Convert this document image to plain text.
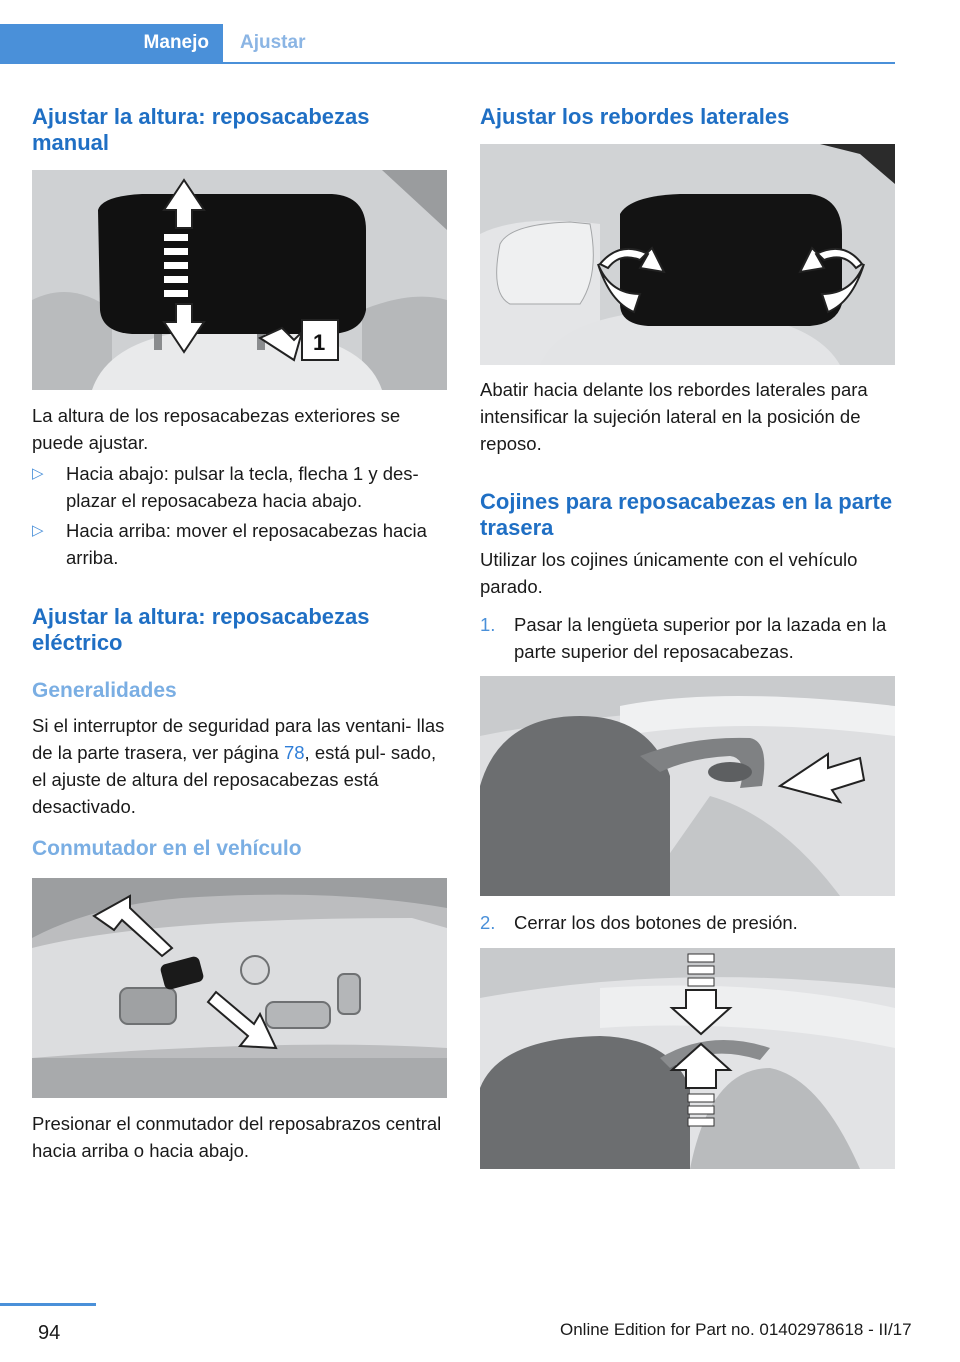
Manejo Ajustar
Ajustar la altura: reposacabezas manual
1

La altura de los reposacabezas exteriores se puede ajustar.

▷ Hacia abajo: pulsar la tecla, flecha 1 y des‑ plazar el reposacabeza hacia abajo.
▷ Hacia arriba: mover el reposacabezas hacia arriba.
Ajustar la altura: reposacabezas eléctrico
Generalidades

Si el interruptor de seguridad para las ventani‑ llas de la parte trasera, ver página 78, está pul‑ sado, el ajuste de altura del reposacabezas está desactivado.

Conmutador en el vehículo

Presionar el conmutador del reposabrazos central hacia arriba o hacia abajo.

Ajustar los rebordes laterales

Abatir hacia delante los rebordes laterales para intensificar la sujeción lateral en la posición de reposo.

Cojines para reposacabezas en la parte trasera

Utilizar los cojines únicamente con el vehículo parado.

1. Pasar la lengüeta superior por la lazada en la parte superior del reposacabezas.
2. Cerrar los dos botones de presión.
94	Online Edition for Part no. 01402978618 - II/17
